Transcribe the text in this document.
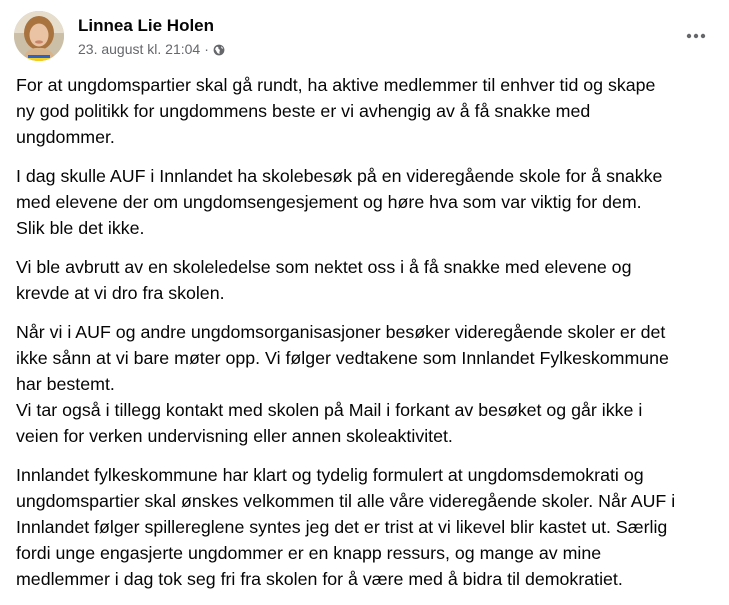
Linnea Lie Holen
23. august kl. 21:04 ·

For at ungdomspartier skal gå rundt, ha aktive medlemmer til enhver tid og skape
ny god politikk for ungdommens beste er vi avhengig av å få snakke med
ungdommer.

I dag skulle AUF i Innlandet ha skolebesøk på en videregående skole for å snakke
med elevene der om ungdomsengesjement og høre hva som var viktig for dem.
Slik ble det ikke.

Vi ble avbrutt av en skoleledelse som nektet oss i å få snakke med elevene og
krevde at vi dro fra skolen.

Når vi i AUF og andre ungdomsorganisasjoner besøker videregående skoler er det
ikke sånn at vi bare møter opp. Vi følger vedtakene som Innlandet Fylkeskommune
har bestemt.
Vi tar også i tillegg kontakt med skolen på Mail i forkant av besøket og går ikke i
veien for verken undervisning eller annen skoleaktivitet.

Innlandet fylkeskommune har klart og tydelig formulert at ungdomsdemokrati og
ungdomspartier skal ønskes velkommen til alle våre videregående skoler. Når AUF i
Innlandet følger spillereglene syntes jeg det er trist at vi likevel blir kastet ut. Særlig
fordi unge engasjerte ungdommer er en knapp ressurs, og mange av mine
medlemmer i dag tok seg fri fra skolen for å være med å bidra til demokratiet.
